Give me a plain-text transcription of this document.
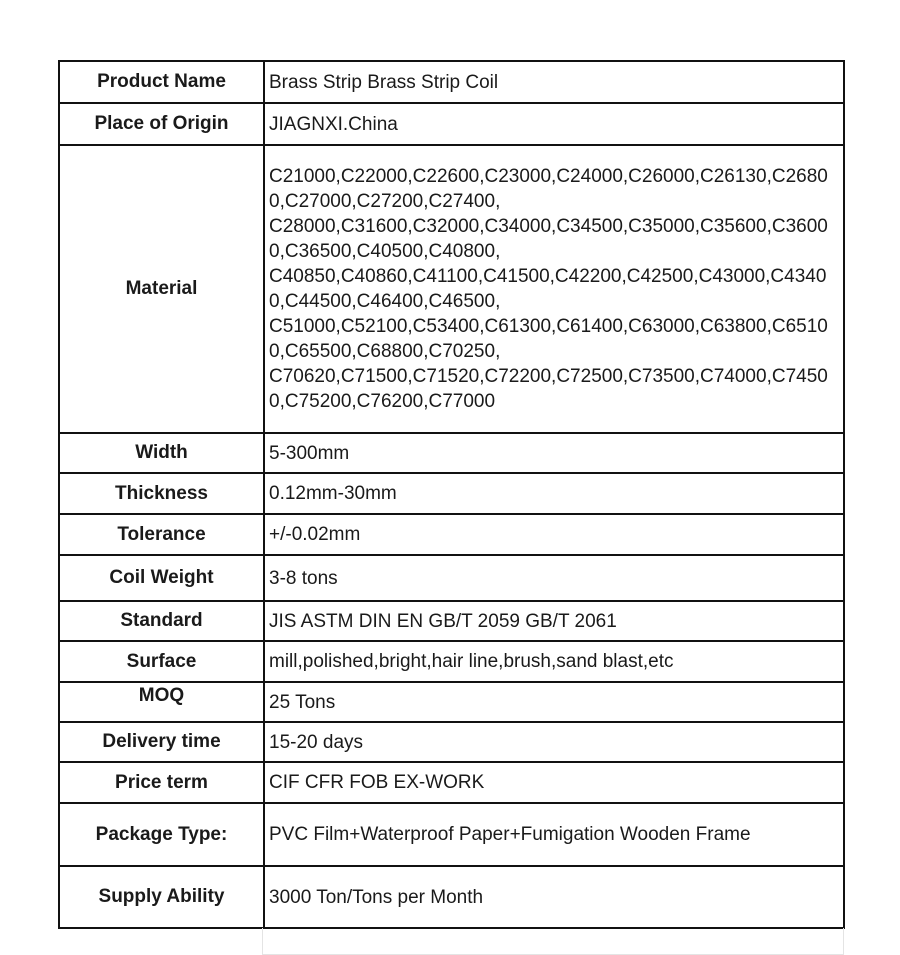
Product Name	Brass Strip Brass Strip Coil
Place of Origin	JIAGNXI.China
Material	C21000,C22000,C22600,C23000,C24000,C26000,C26130,C26800,C27000,C27200,C27400,
C28000,C31600,C32000,C34000,C34500,C35000,C35600,C36000,C36500,C40500,C40800,
C40850,C40860,C41100,C41500,C42200,C42500,C43000,C43400,C44500,C46400,C46500,
C51000,C52100,C53400,C61300,C61400,C63000,C63800,C65100,C65500,C68800,C70250,
C70620,C71500,C71520,C72200,C72500,C73500,C74000,C74500,C75200,C76200,C77000

Width	5-300mm
Thickness	0.12mm-30mm
Tolerance	+/-0.02mm
Coil Weight	3-8 tons
Standard	JIS ASTM DIN EN GB/T 2059 GB/T 2061
Surface	mill,polished,bright,hair line,brush,sand blast,etc
MOQ	25 Tons
Delivery time	15-20 days
Price term	CIF CFR FOB EX-WORK
Package Type:	PVC Film+Waterproof Paper+Fumigation Wooden Frame
Supply Ability	3000 Ton/Tons per Month
